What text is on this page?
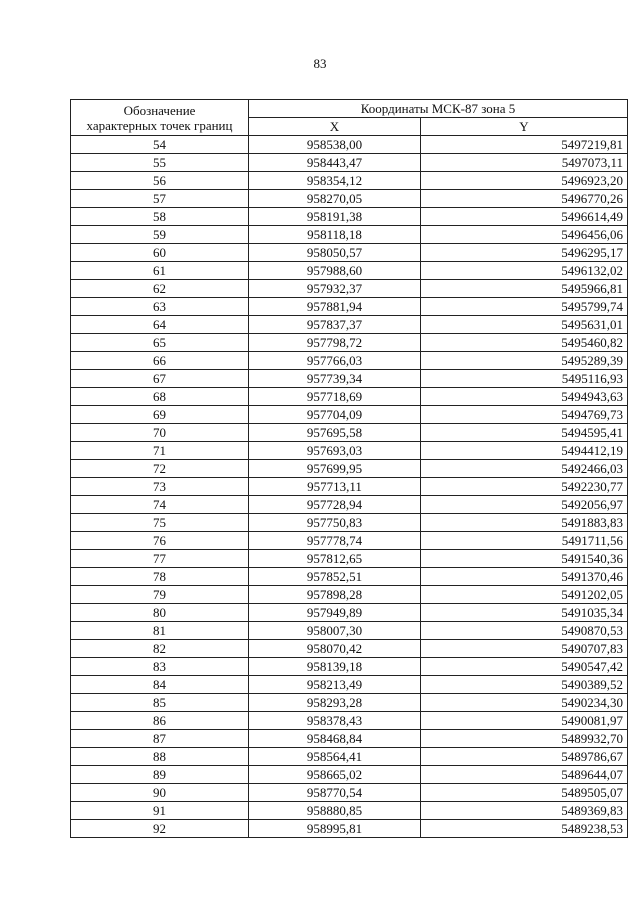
83
Обозначение
характерных точек границ	Координаты МСК-87 зона 5	
	X	Y
54	958538,00	5497219,81
55	958443,47	5497073,11
56	958354,12	5496923,20
57	958270,05	5496770,26
58	958191,38	5496614,49
59	958118,18	5496456,06
60	958050,57	5496295,17
61	957988,60	5496132,02
62	957932,37	5495966,81
63	957881,94	5495799,74
64	957837,37	5495631,01
65	957798,72	5495460,82
66	957766,03	5495289,39
67	957739,34	5495116,93
68	957718,69	5494943,63
69	957704,09	5494769,73
70	957695,58	5494595,41
71	957693,03	5494412,19
72	957699,95	5492466,03
73	957713,11	5492230,77
74	957728,94	5492056,97
75	957750,83	5491883,83
76	957778,74	5491711,56
77	957812,65	5491540,36
78	957852,51	5491370,46
79	957898,28	5491202,05
80	957949,89	5491035,34
81	958007,30	5490870,53
82	958070,42	5490707,83
83	958139,18	5490547,42
84	958213,49	5490389,52
85	958293,28	5490234,30
86	958378,43	5490081,97
87	958468,84	5489932,70
88	958564,41	5489786,67
89	958665,02	5489644,07
90	958770,54	5489505,07
91	958880,85	5489369,83
92	958995,81	5489238,53
